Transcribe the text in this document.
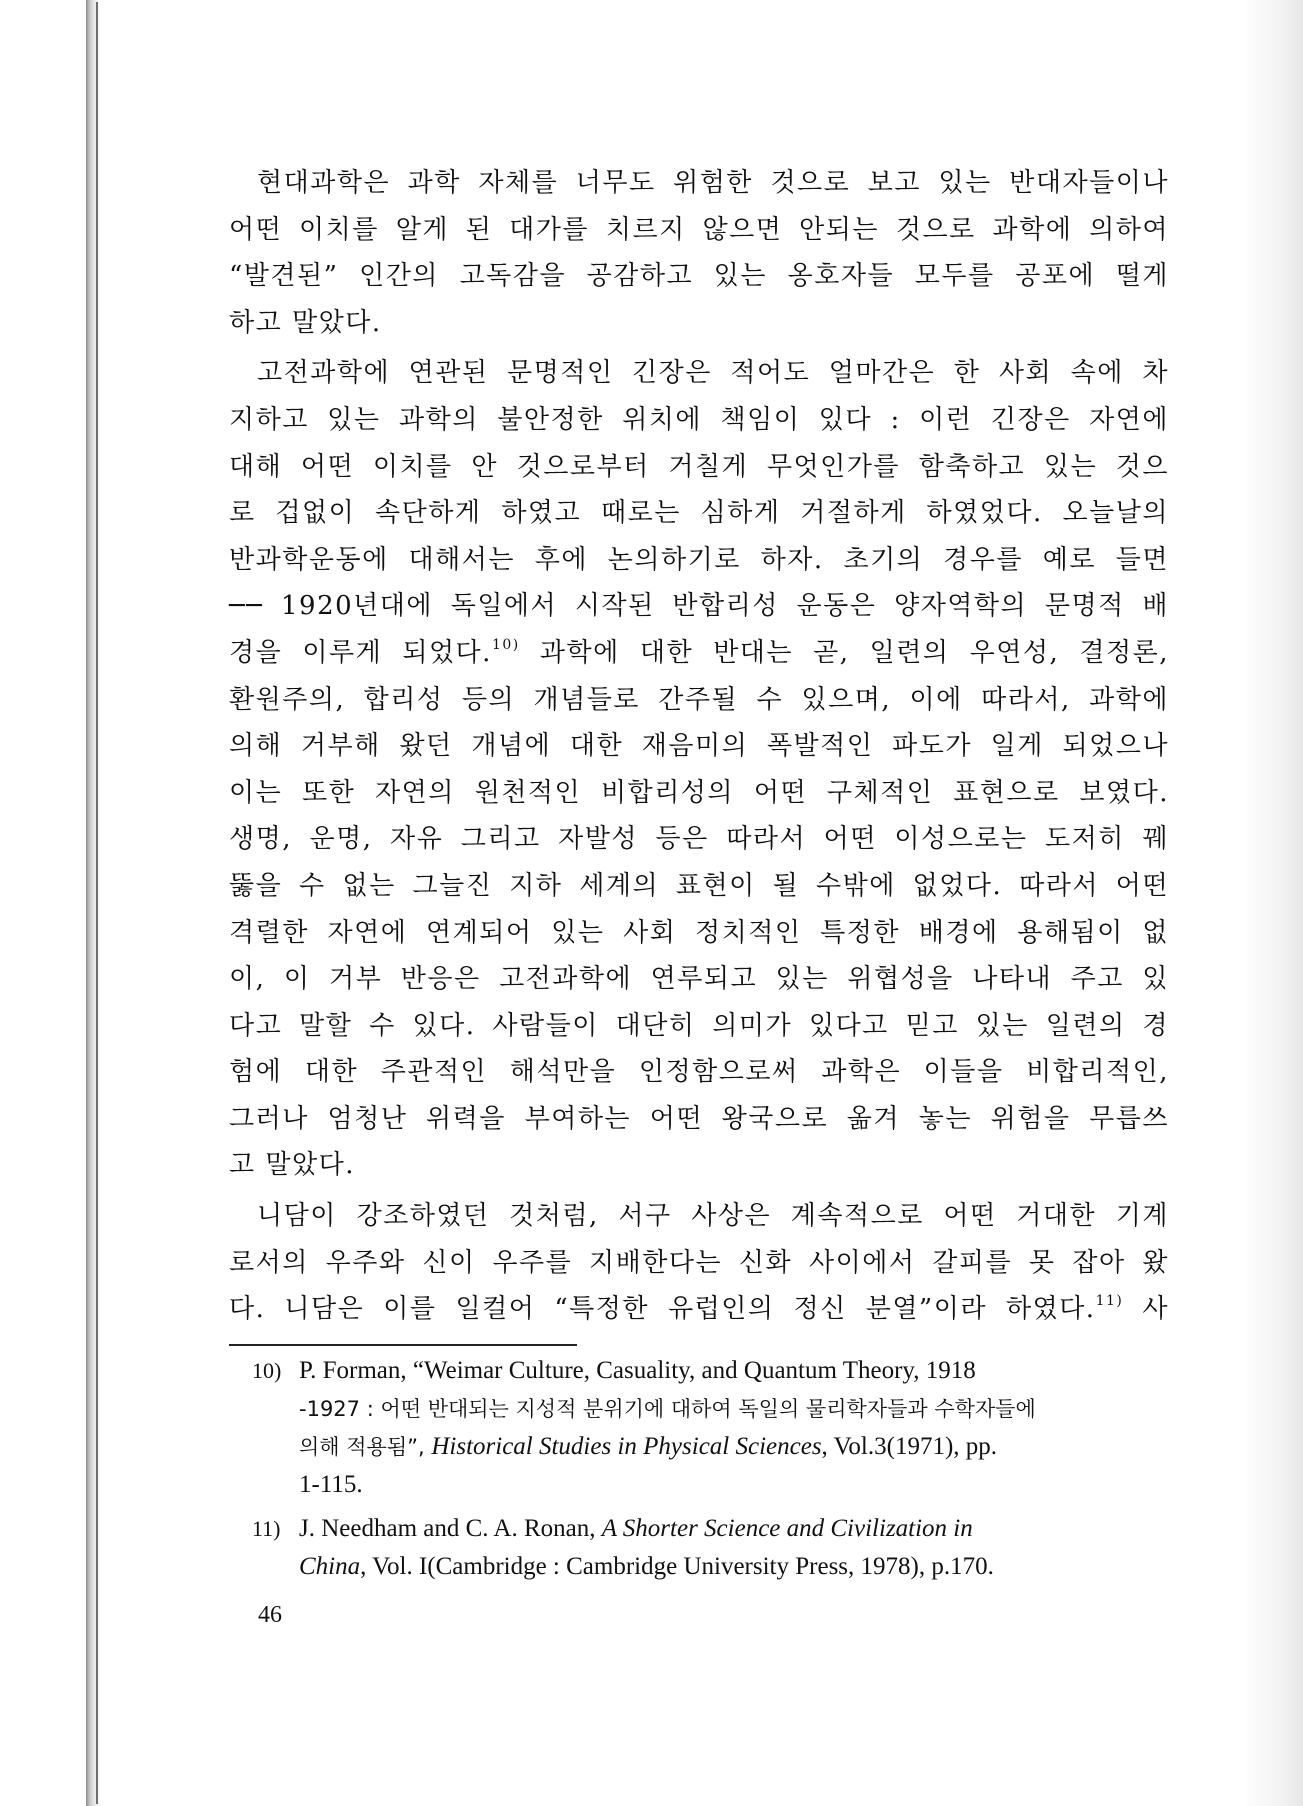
현대과학은 과학 자체를 너무도 위험한 것으로 보고 있는 반대자들이나
어떤 이치를 알게 된 대가를 치르지 않으면 안되는 것으로 과학에 의하여
“발견된” 인간의 고독감을 공감하고 있는 옹호자들 모두를 공포에 떨게
하고 말았다.

고전과학에 연관된 문명적인 긴장은 적어도 얼마간은 한 사회 속에 차
지하고 있는 과학의 불안정한 위치에 책임이 있다 : 이런 긴장은 자연에
대해 어떤 이치를 안 것으로부터 거칠게 무엇인가를 함축하고 있는 것으
로 겁없이 속단하게 하였고 때로는 심하게 거절하게 하였었다. 오늘날의
반과학운동에 대해서는 후에 논의하기로 하자. 초기의 경우를 예로 들면
── 1920년대에 독일에서 시작된 반합리성 운동은 양자역학의 문명적 배
경을 이루게 되었다.$^{10)}$ 과학에 대한 반대는 곧, 일련의 우연성, 결정론,
환원주의, 합리성 등의 개념들로 간주될 수 있으며, 이에 따라서, 과학에
의해 거부해 왔던 개념에 대한 재음미의 폭발적인 파도가 일게 되었으나
이는 또한 자연의 원천적인 비합리성의 어떤 구체적인 표현으로 보였다.
생명, 운명, 자유 그리고 자발성 등은 따라서 어떤 이성으로는 도저히 꿰
뚫을 수 없는 그늘진 지하 세계의 표현이 될 수밖에 없었다. 따라서 어떤
격렬한 자연에 연계되어 있는 사회 정치적인 특정한 배경에 용해됨이 없
이, 이 거부 반응은 고전과학에 연루되고 있는 위협성을 나타내 주고 있
다고 말할 수 있다. 사람들이 대단히 의미가 있다고 믿고 있는 일련의 경
험에 대한 주관적인 해석만을 인정함으로써 과학은 이들을 비합리적인,
그러나 엄청난 위력을 부여하는 어떤 왕국으로 옮겨 놓는 위험을 무릅쓰
고 말았다.

니담이 강조하였던 것처럼, 서구 사상은 계속적으로 어떤 거대한 기계
로서의 우주와 신이 우주를 지배한다는 신화 사이에서 갈피를 못 잡아 왔
다. 니담은 이를 일컬어 “특정한 유럽인의 정신 분열”이라 하였다.$^{11)}$ 사

10) P. Forman, “Weimar Culture, Casuality, and Quantum Theory, 1918
-1927 : 어떤 반대되는 지성적 분위기에 대하여 독일의 물리학자들과 수학자들에
의해 적용됨”, Historical Studies in Physical Sciences, Vol.3(1971), pp.
1-115.
11) J. Needham and C. A. Ronan, A Shorter Science and Civilization in
China, Vol. I(Cambridge : Cambridge University Press, 1978), p.170.
46
